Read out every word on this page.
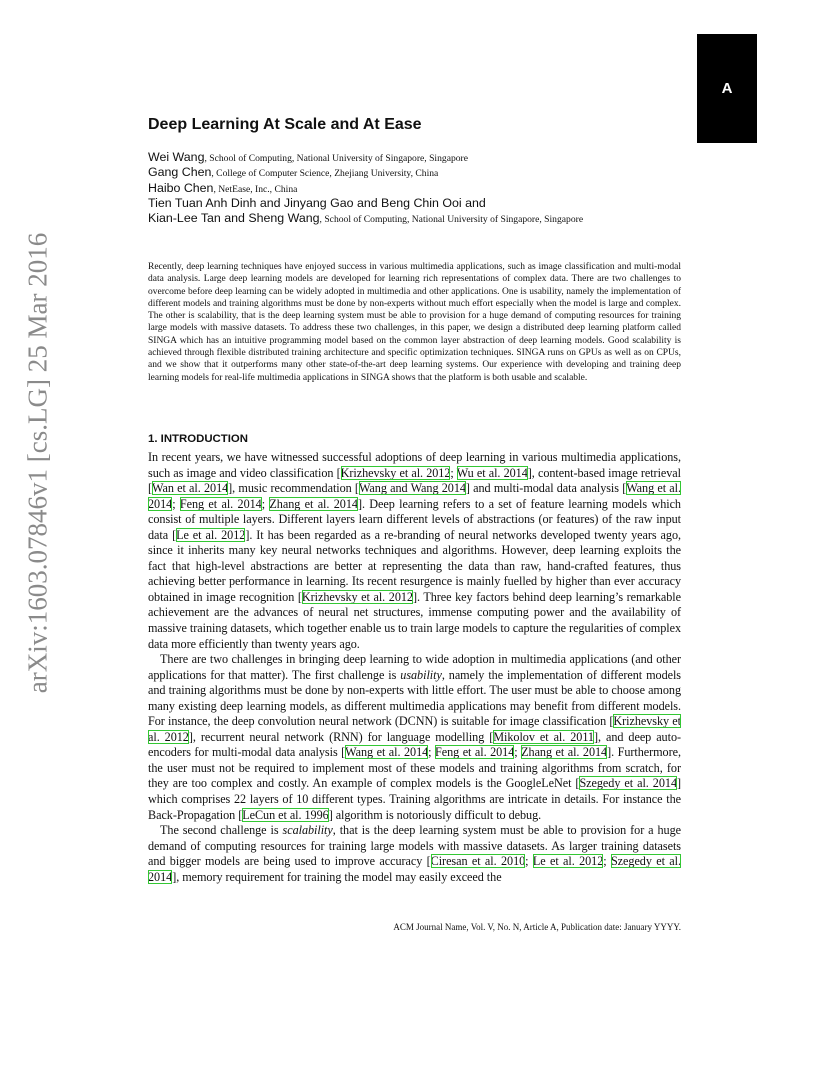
A
arXiv:1603.07846v1 [cs.LG] 25 Mar 2016
Deep Learning At Scale and At Ease
Wei Wang, School of Computing, National University of Singapore, Singapore
Gang Chen, College of Computer Science, Zhejiang University, China
Haibo Chen, NetEase, Inc., China
Tien Tuan Anh Dinh and Jinyang Gao and Beng Chin Ooi and
Kian-Lee Tan and Sheng Wang, School of Computing, National University of Singapore, Singapore

Recently, deep learning techniques have enjoyed success in various multimedia applications, such as image classification and multi-modal data analysis. Large deep learning models are developed for learning rich representations of complex data. There are two challenges to overcome before deep learning can be widely adopted in multimedia and other applications. One is usability, namely the implementation of different models and training algorithms must be done by non-experts without much effort especially when the model is large and complex. The other is scalability, that is the deep learning system must be able to provision for a huge demand of computing resources for training large models with massive datasets. To address these two challenges, in this paper, we design a distributed deep learning platform called SINGA which has an intuitive programming model based on the common layer abstraction of deep learning models. Good scalability is achieved through flexible distributed training architecture and specific optimization techniques. SINGA runs on GPUs as well as on CPUs, and we show that it outperforms many other state-of-the-art deep learning systems. Our experience with developing and training deep learning models for real-life multimedia applications in SINGA shows that the platform is both usable and scalable.

1. INTRODUCTION

In recent years, we have witnessed successful adoptions of deep learning in various multimedia applications, such as image and video classification [Krizhevsky et al. 2012; Wu et al. 2014], content-based image retrieval [Wan et al. 2014], music recommendation [Wang and Wang 2014] and multi-modal data analysis [Wang et al. 2014; Feng et al. 2014; Zhang et al. 2014]. Deep learning refers to a set of feature learning models which consist of multiple layers. Different layers learn different levels of abstractions (or features) of the raw input data [Le et al. 2012]. It has been regarded as a re-branding of neural networks developed twenty years ago, since it inherits many key neural networks techniques and algorithms. However, deep learning exploits the fact that high-level abstractions are better at representing the data than raw, hand-crafted features, thus achieving better performance in learning. Its recent resurgence is mainly fuelled by higher than ever accuracy obtained in image recognition [Krizhevsky et al. 2012]. Three key factors behind deep learning’s remarkable achievement are the advances of neural net structures, immense computing power and the availability of massive training datasets, which together enable us to train large models to capture the regularities of complex data more efficiently than twenty years ago.

There are two challenges in bringing deep learning to wide adoption in multimedia applications (and other applications for that matter). The first challenge is usability, namely the implementation of different models and training algorithms must be done by non-experts with little effort. The user must be able to choose among many existing deep learning models, as different multimedia applications may benefit from different models. For instance, the deep convolution neural network (DCNN) is suitable for image classification [Krizhevsky et al. 2012], recurrent neural network (RNN) for language modelling [Mikolov et al. 2011], and deep auto-encoders for multi-modal data analysis [Wang et al. 2014; Feng et al. 2014; Zhang et al. 2014]. Furthermore, the user must not be required to implement most of these models and training algorithms from scratch, for they are too complex and costly. An example of complex models is the GoogleLeNet [Szegedy et al. 2014] which comprises 22 layers of 10 different types. Training algorithms are intricate in details. For instance the Back-Propagation [LeCun et al. 1996] algorithm is notoriously difficult to debug.

The second challenge is scalability, that is the deep learning system must be able to provision for a huge demand of computing resources for training large models with massive datasets. As larger training datasets and bigger models are being used to improve accuracy [Ciresan et al. 2010; Le et al. 2012; Szegedy et al. 2014], memory requirement for training the model may easily exceed the

ACM Journal Name, Vol. V, No. N, Article A, Publication date: January YYYY.
